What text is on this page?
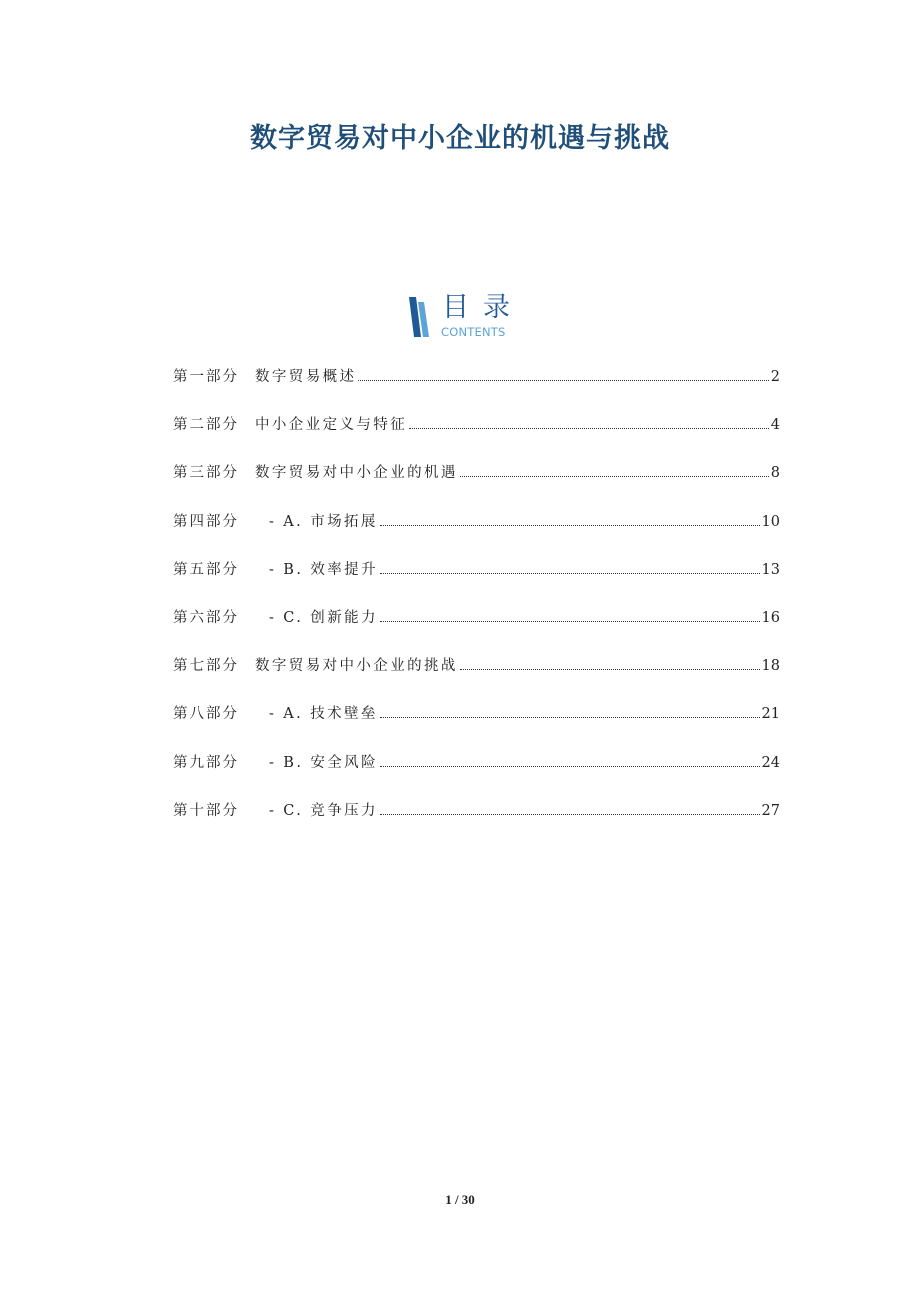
数字贸易对中小企业的机遇与挑战
目录
CONTENTS
第一部分	数字贸易概述	2
第二部分	中小企业定义与特征	4
第三部分	数字贸易对中小企业的机遇	8
第四部分	- A. 市场拓展	10
第五部分	- B. 效率提升	13
第六部分	- C. 创新能力	16
第七部分	数字贸易对中小企业的挑战	18
第八部分	- A. 技术壁垒	21
第九部分	- B. 安全风险	24
第十部分	- C. 竞争压力	27
1 / 30
